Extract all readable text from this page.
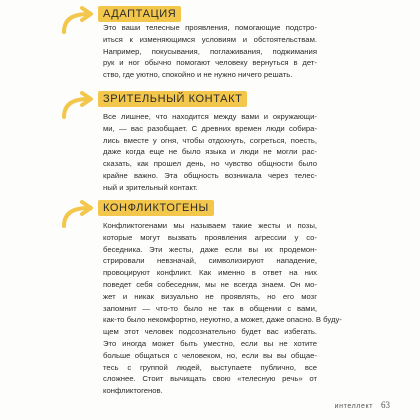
АДАПТАЦИЯ
Это ваши телесные проявления, помогающие подстро-
иться к изменяющимся условиям и обстоятельствам.
Например, покусывания, поглаживания, поджимания
рук и ног обычно помогают человеку вернуться в дет-
ство, где уютно, спокойно и не нужно ничего решать.
ЗРИТЕЛЬНЫЙ КОНТАКТ
Все лишнее, что находится между вами и окружающи-
ми, — вас разобщает. С древних времен люди собира-
лись вместе у огня, чтобы отдохнуть, согреться, поесть,
даже когда еще не было языка и люди не могли рас-
сказать, как прошел день, но чувство общности было
крайне важно. Эта общность возникала через телес-
ный и зрительный контакт.
КОНФЛИКТОГЕНЫ
Конфликтогенами мы называем такие жесты и позы,
которые могут вызвать проявления агрессии у со-
беседника. Эти жесты, даже если вы их продемон-
стрировали невзначай, символизируют нападение,
провоцируют конфликт. Как именно в ответ на них
поведет себя собеседник, мы не всегда знаем. Он мо-
жет и никак визуально не проявлять, но его мозг
запомнит — что-то было не так в общении с вами,
как-то было некомфортно, неуютно, а может, даже опасно. В буду-
щем этот человек подсознательно будет вас избегать.
Это иногда может быть уместно, если вы не хотите
больше общаться с человеком, но, если вы вы общае-
тесь с группой людей, выступаете публично, все
сложнее. Стоит вычищать свою «телесную речь» от
конфликтогенов.
интеллект 63
